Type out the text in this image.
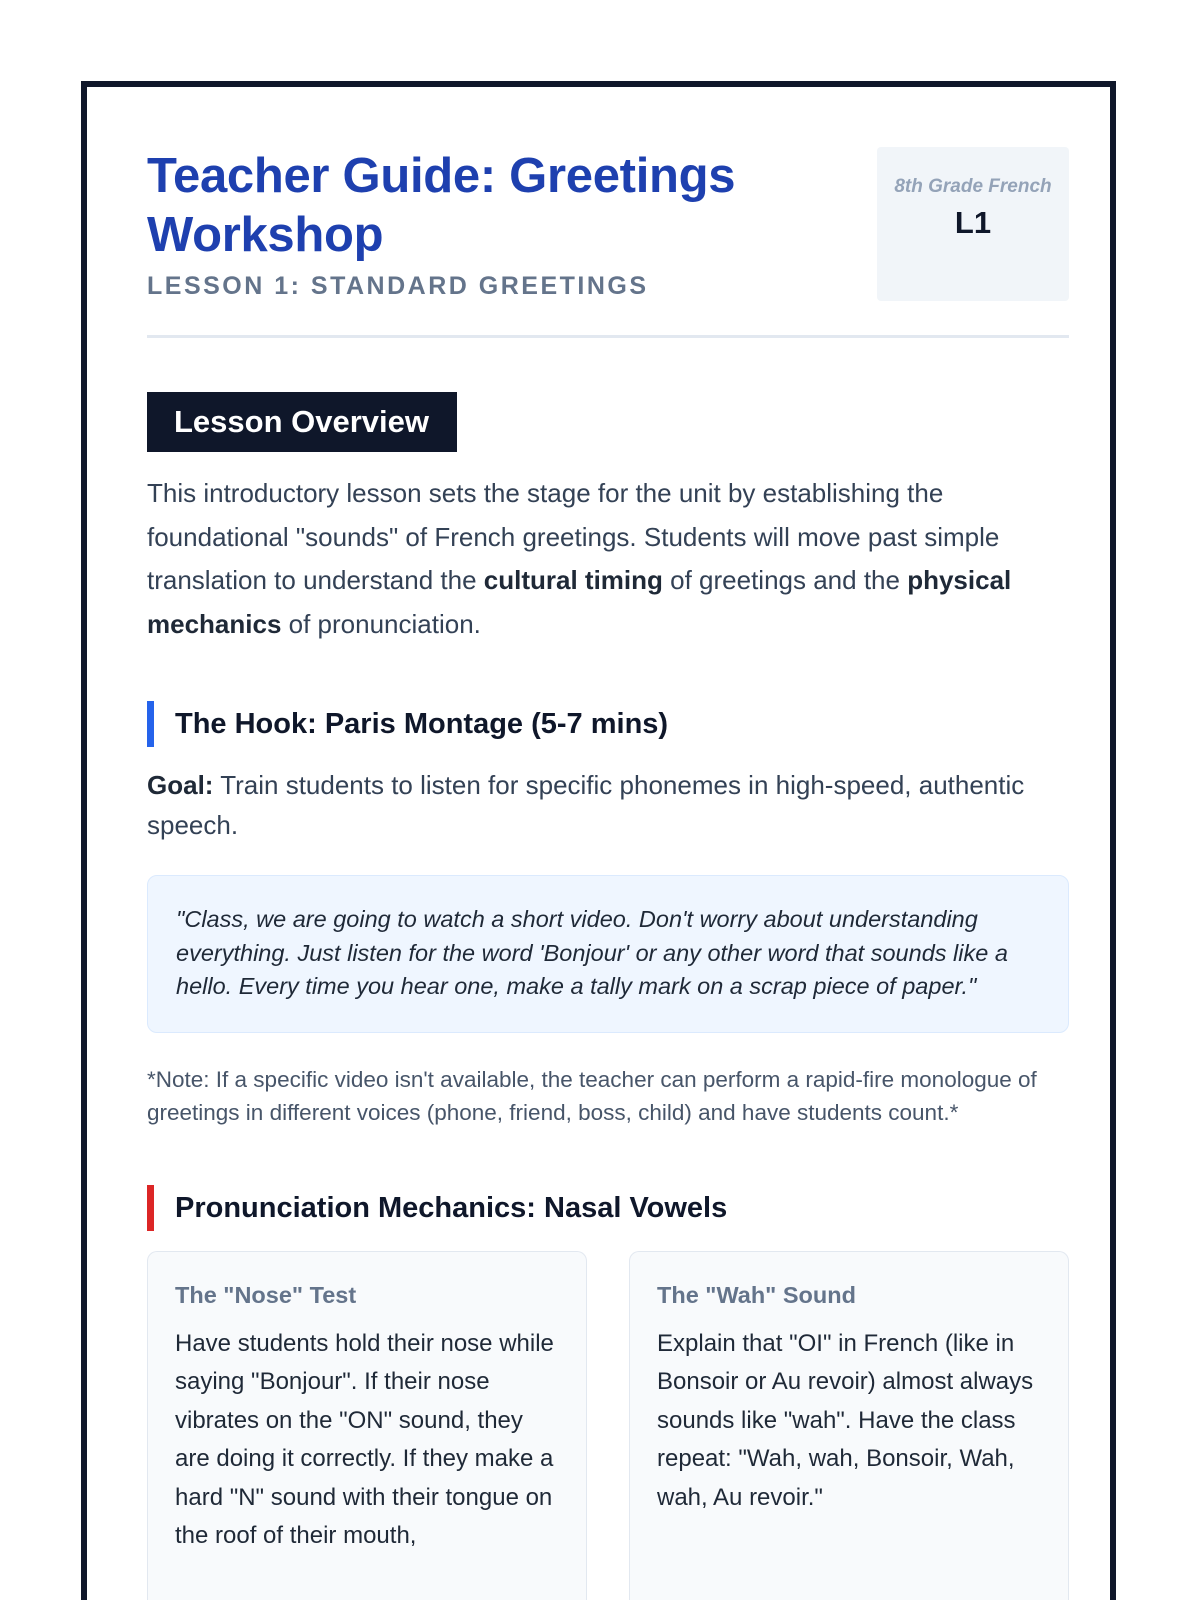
Teacher Guide: Greetings Workshop
LESSON 1: STANDARD GREETINGS
8th Grade French
L1
Lesson Overview

This introductory lesson sets the stage for the unit by establishing the foundational "sounds" of French greetings. Students will move past simple translation to understand the cultural timing of greetings and the physical mechanics of pronunciation.

The Hook: Paris Montage (5-7 mins)

Goal: Train students to listen for specific phonemes in high-speed, authentic speech.

"Class, we are going to watch a short video. Don't worry about understanding everything. Just listen for the word 'Bonjour' or any other word that sounds like a hello. Every time you hear one, make a tally mark on a scrap piece of paper."
*Note: If a specific video isn't available, the teacher can perform a rapid-fire monologue of greetings in different voices (phone, friend, boss, child) and have students count.*
Pronunciation Mechanics: Nasal Vowels
The "Nose" Test
Have students hold their nose while saying "Bonjour". If their nose vibrates on the "ON" sound, they are doing it correctly. If they make a hard "N" sound with their tongue on the roof of their mouth,
The "Wah" Sound
Explain that "OI" in French (like in Bonsoir or Au revoir) almost always sounds like "wah". Have the class repeat: "Wah, wah, Bonsoir, Wah, wah, Au revoir."
